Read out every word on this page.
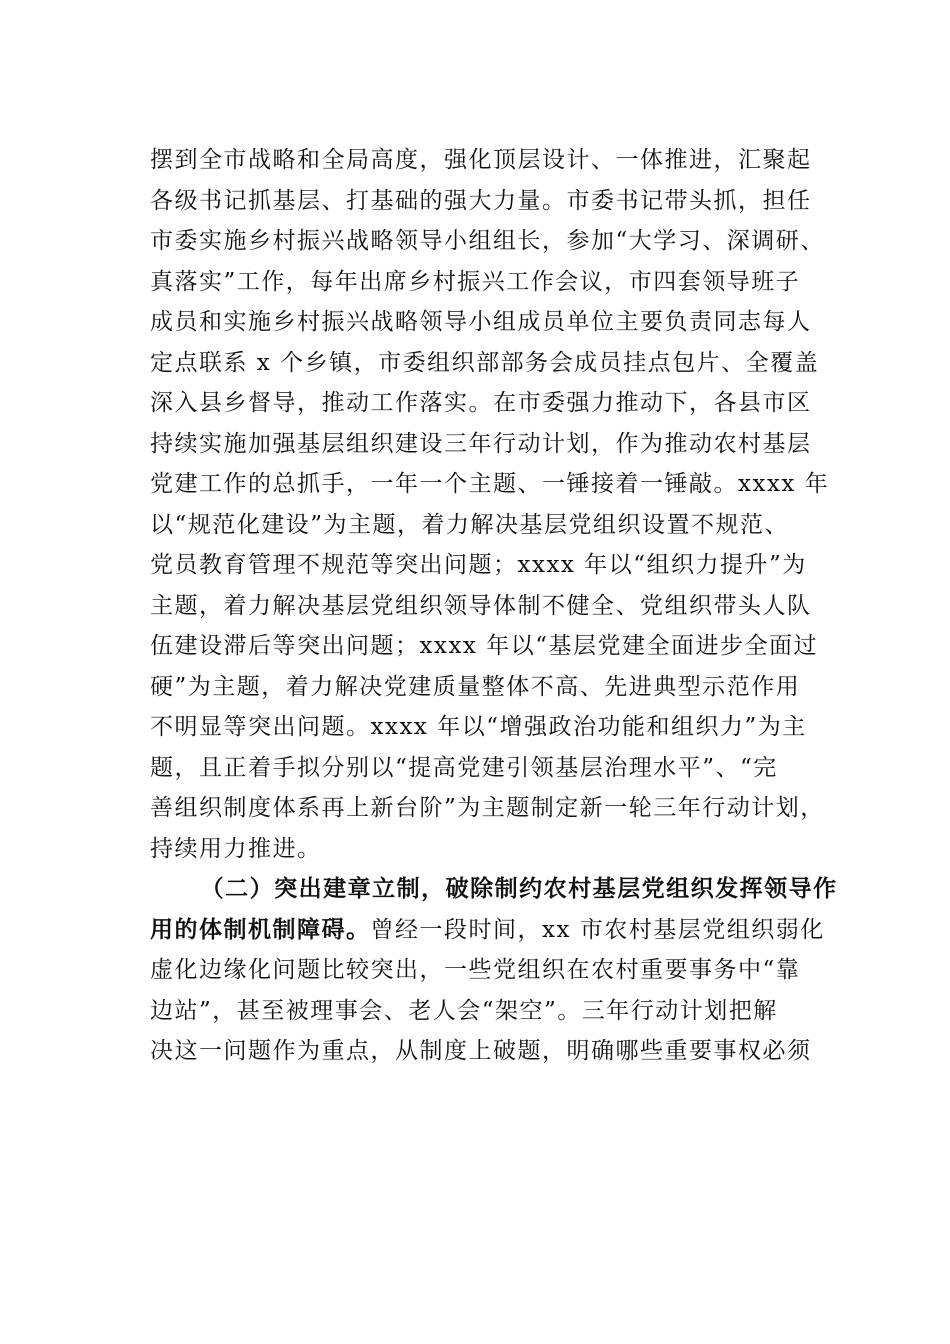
摆到全市战略和全局高度，强化顶层设计、一体推进，汇聚起
各级书记抓基层、打基础的强大力量。市委书记带头抓，担任
市委实施乡村振兴战略领导小组组长，参加“大学习、深调研、
真落实”工作，每年出席乡村振兴工作会议，市四套领导班子
成员和实施乡村振兴战略领导小组成员单位主要负责同志每人
定点联系 x 个乡镇，市委组织部部务会成员挂点包片、全覆盖
深入县乡督导，推动工作落实。在市委强力推动下，各县市区
持续实施加强基层组织建设三年行动计划，作为推动农村基层
党建工作的总抓手，一年一个主题、一锤接着一锤敲。xxxx 年
以“规范化建设”为主题，着力解决基层党组织设置不规范、
党员教育管理不规范等突出问题；xxxx 年以“组织力提升”为
主题，着力解决基层党组织领导体制不健全、党组织带头人队
伍建设滞后等突出问题；xxxx 年以“基层党建全面进步全面过
硬”为主题，着力解决党建质量整体不高、先进典型示范作用
不明显等突出问题。xxxx 年以“增强政治功能和组织力”为主
题，且正着手拟分别以“提高党建引领基层治理水平”、“完
善组织制度体系再上新台阶”为主题制定新一轮三年行动计划，
持续用力推进。
（二）突出建章立制，破除制约农村基层党组织发挥领导作
用的体制机制障碍。曾经一段时间，xx 市农村基层党组织弱化
虚化边缘化问题比较突出，一些党组织在农村重要事务中“靠
边站”，甚至被理事会、老人会“架空”。三年行动计划把解
决这一问题作为重点，从制度上破题，明确哪些重要事权必须
